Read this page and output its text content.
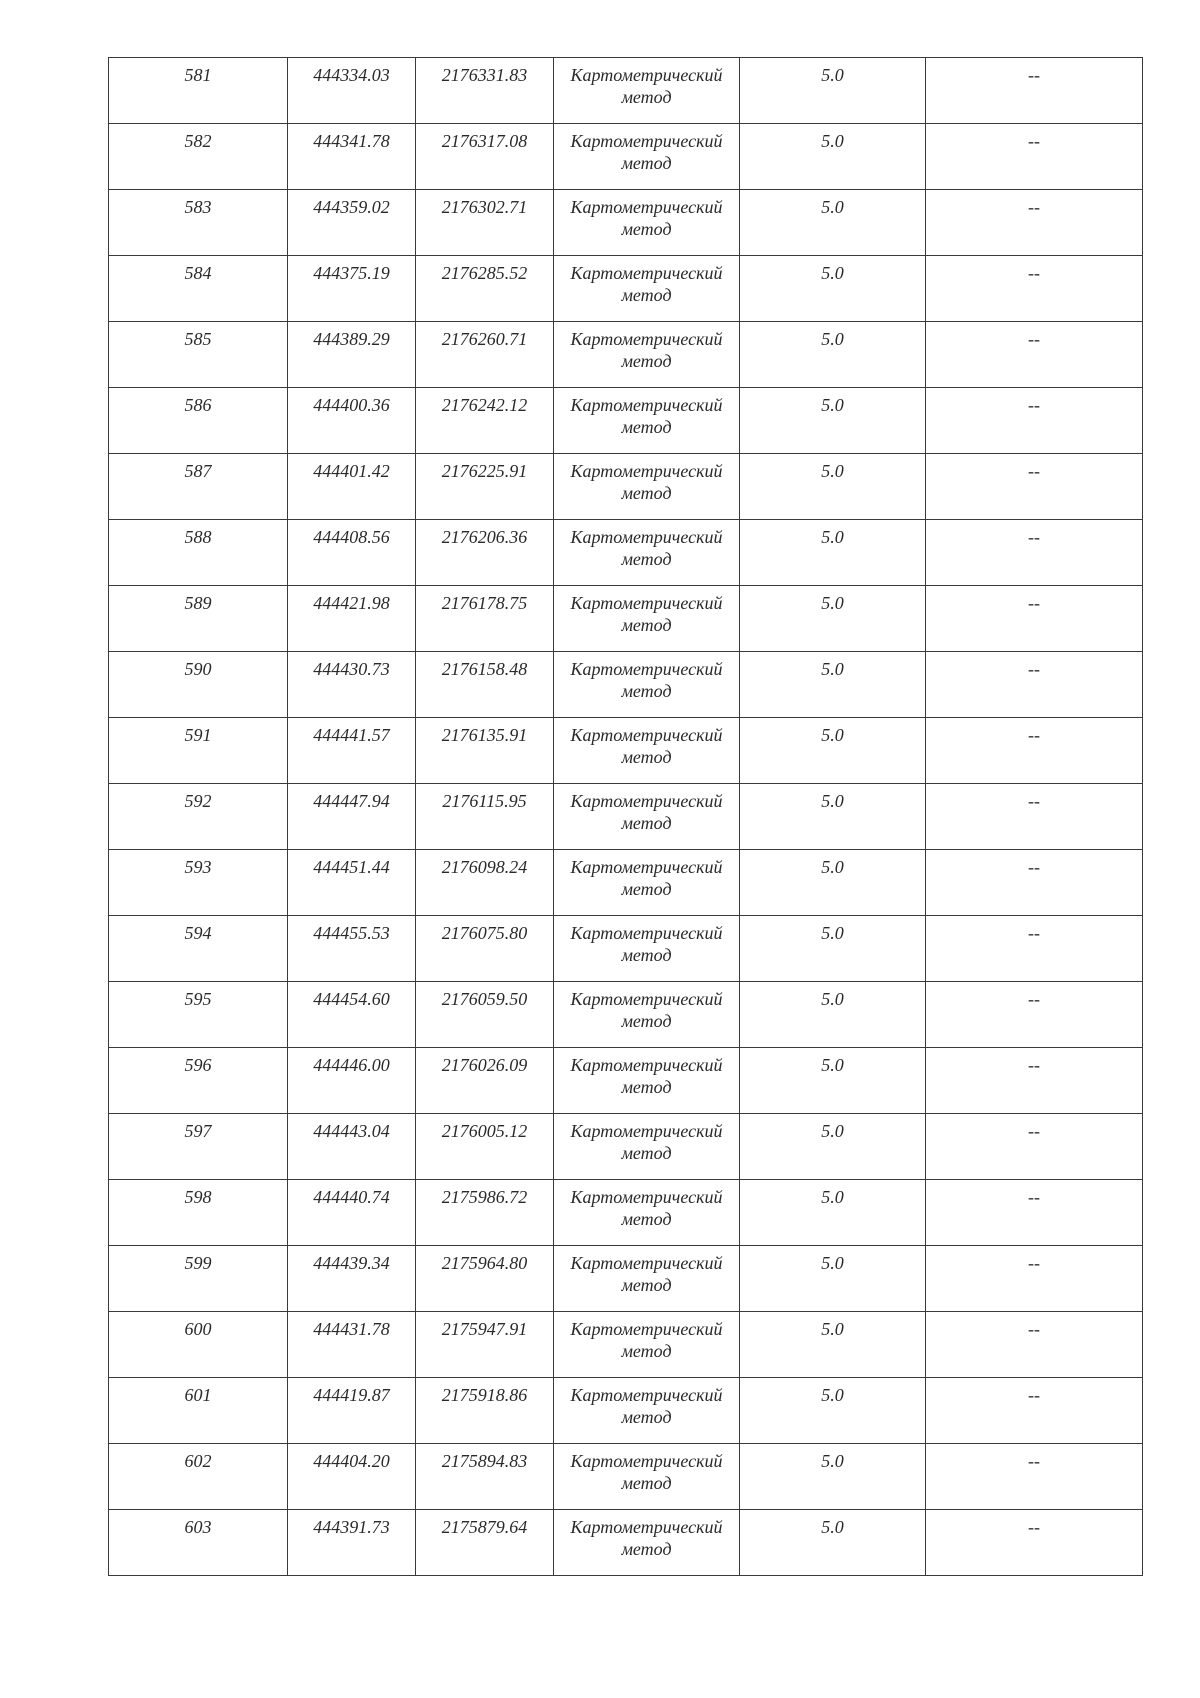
581	444334.03	2176331.83	Картометрический
метод	5.0	--
582	444341.78	2176317.08	Картометрический
метод	5.0	--
583	444359.02	2176302.71	Картометрический
метод	5.0	--
584	444375.19	2176285.52	Картометрический
метод	5.0	--
585	444389.29	2176260.71	Картометрический
метод	5.0	--
586	444400.36	2176242.12	Картометрический
метод	5.0	--
587	444401.42	2176225.91	Картометрический
метод	5.0	--
588	444408.56	2176206.36	Картометрический
метод	5.0	--
589	444421.98	2176178.75	Картометрический
метод	5.0	--
590	444430.73	2176158.48	Картометрический
метод	5.0	--
591	444441.57	2176135.91	Картометрический
метод	5.0	--
592	444447.94	2176115.95	Картометрический
метод	5.0	--
593	444451.44	2176098.24	Картометрический
метод	5.0	--
594	444455.53	2176075.80	Картометрический
метод	5.0	--
595	444454.60	2176059.50	Картометрический
метод	5.0	--
596	444446.00	2176026.09	Картометрический
метод	5.0	--
597	444443.04	2176005.12	Картометрический
метод	5.0	--
598	444440.74	2175986.72	Картометрический
метод	5.0	--
599	444439.34	2175964.80	Картометрический
метод	5.0	--
600	444431.78	2175947.91	Картометрический
метод	5.0	--
601	444419.87	2175918.86	Картометрический
метод	5.0	--
602	444404.20	2175894.83	Картометрический
метод	5.0	--
603	444391.73	2175879.64	Картометрический
метод	5.0	--
